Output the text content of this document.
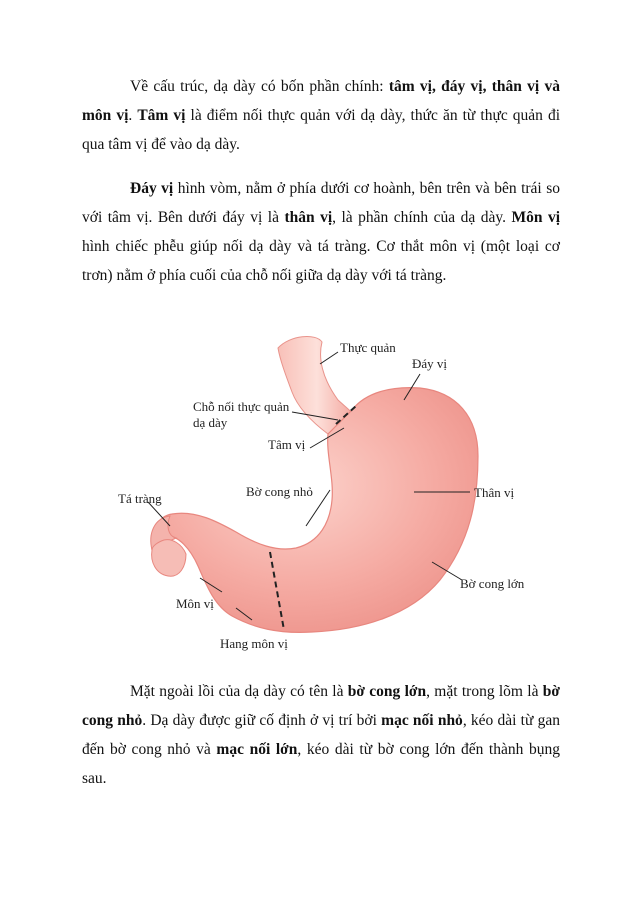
Về cấu trúc, dạ dày có bốn phần chính: tâm vị, đáy vị, thân vị và môn vị. Tâm vị là điểm nối thực quản với dạ dày, thức ăn từ thực quản đi qua tâm vị để vào dạ dày.

Đáy vị hình vòm, nằm ở phía dưới cơ hoành, bên trên và bên trái so với tâm vị. Bên dưới đáy vị là thân vị, là phần chính của dạ dày. Môn vị hình chiếc phễu giúp nối dạ dày và tá tràng. Cơ thắt môn vị (một loại cơ trơn) nằm ở phía cuối của chỗ nối giữa dạ dày với tá tràng.

Thực quản
Đáy vị
Chỗ nối thực quản
dạ dày
Tâm vị
Bờ cong nhỏ	Thân vị
Tá tràng
Bờ cong lớn
Môn vị
Hang môn vị

Mặt ngoài lồi của dạ dày có tên là bờ cong lớn, mặt trong lõm là bờ cong nhỏ. Dạ dày được giữ cố định ở vị trí bởi mạc nối nhỏ, kéo dài từ gan đến bờ cong nhỏ và mạc nối lớn, kéo dài từ bờ cong lớn đến thành bụng sau.
